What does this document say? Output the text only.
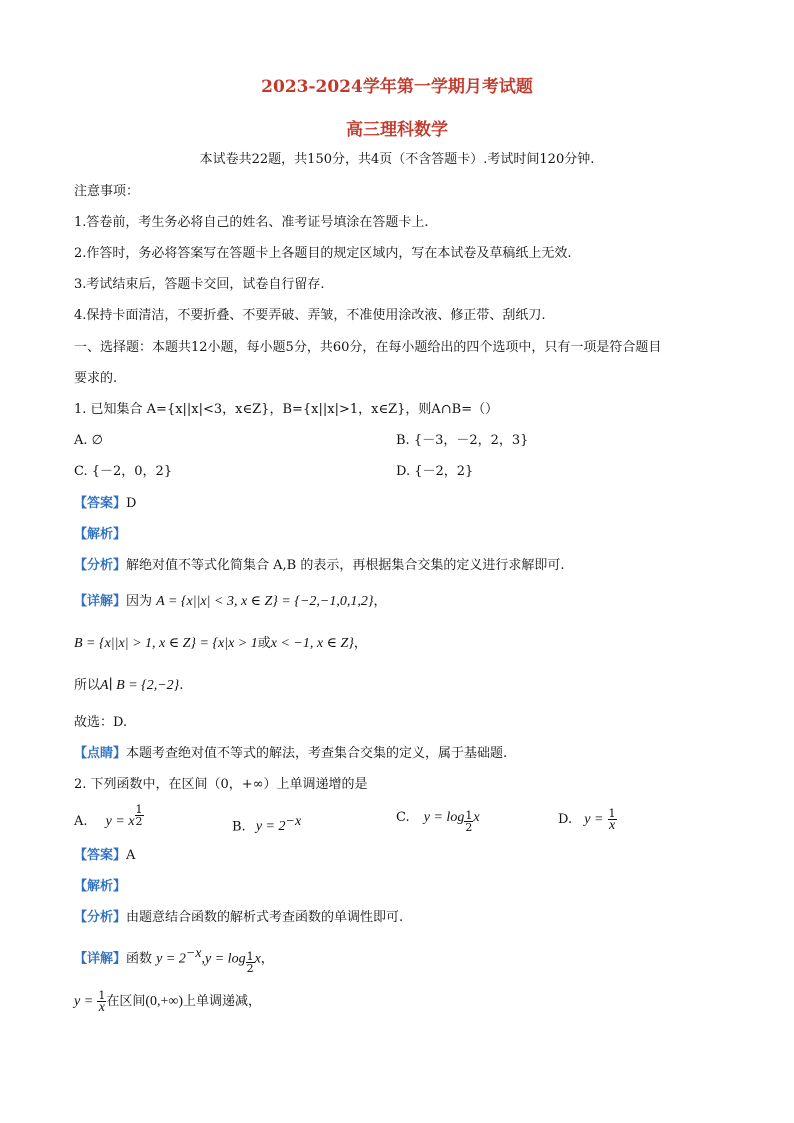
2023-2024学年第一学期月考试题
高三理科数学
本试卷共22题，共150分，共4页（不含答题卡）.考试时间120分钟.
注意事项：
1.答卷前，考生务必将自己的姓名、准考证号填涂在答题卡上.
2.作答时，务必将答案写在答题卡上各题目的规定区域内，写在本试卷及草稿纸上无效.
3.考试结束后，答题卡交回，试卷自行留存.
4.保持卡面清洁，不要折叠、不要弄破、弄皱，不准使用涂改液、修正带、刮纸刀.
一、选择题：本题共12小题，每小题5分，共60分，在每小题给出的四个选项中，只有一项是符合题目
要求的.
1. 已知集合 A={x||x|<3，x∈Z}，B={x||x|>1，x∈Z}，则A∩B=（）
A. ∅	B. {－3，－2，2，3}
C. {－2，0，2}	D. {－2，2}
【答案】D
【解析】
【分析】解绝对值不等式化简集合 A,B 的表示，再根据集合交集的定义进行求解即可.
【详解】因为 A = {x||x| < 3, x ∈ Z} = {−2,−1,0,1,2}，
B = {x||x| > 1, x ∈ Z} = {x|x > 1或x < −1, x ∈ Z}，
所以A∣ B = {2,−2}.
故选：D.
【点睛】本题考查绝对值不等式的解法，考查集合交集的定义，属于基础题.
2. 下列函数中，在区间（0，+∞）上单调递增的是
A. y = x $\frac{1}{2}$	B. $y = 2^{-x}$	C. $y = \log \frac{1}{2}$ x	D. $y = \frac{1}{x}$
【答案】A
【解析】
【分析】由题意结合函数的解析式考查函数的单调性即可.
【详解】函数 $y = 2^{-x},y = \log \frac{1}{2}$ x，
$y = \frac{1}{x}$ 在区间(0,+∞)上单调递减，
